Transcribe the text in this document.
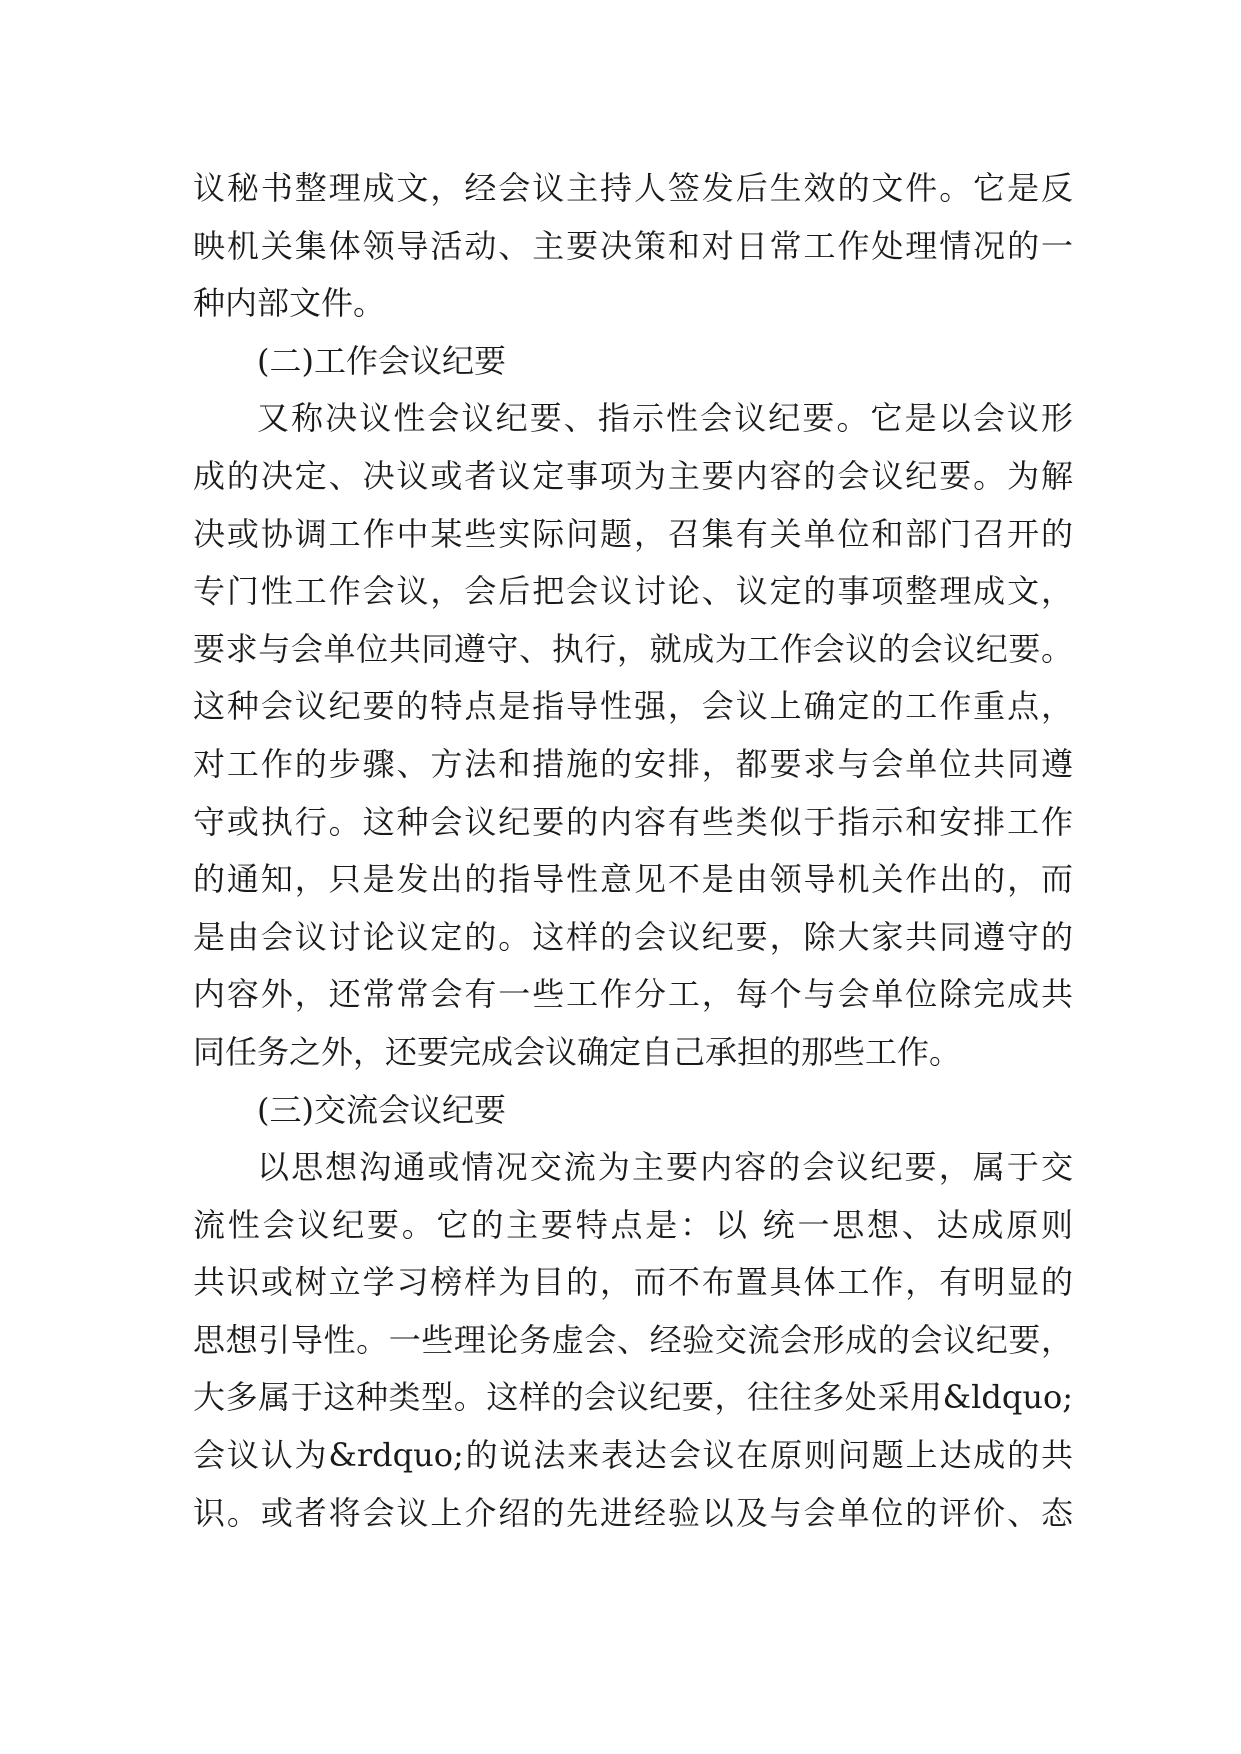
议秘书整理成文，经会议主持人签发后生效的文件。它是反
映机关集体领导活动、主要决策和对日常工作处理情况的一
种内部文件。
(二)工作会议纪要
又称决议性会议纪要、指示性会议纪要。它是以会议形
成的决定、决议或者议定事项为主要内容的会议纪要。为解
决或协调工作中某些实际问题，召集有关单位和部门召开的
专门性工作会议，会后把会议讨论、议定的事项整理成文，
要求与会单位共同遵守、执行，就成为工作会议的会议纪要。
这种会议纪要的特点是指导性强，会议上确定的工作重点，
对工作的步骤、方法和措施的安排，都要求与会单位共同遵
守或执行。这种会议纪要的内容有些类似于指示和安排工作
的通知，只是发出的指导性意见不是由领导机关作出的，而
是由会议讨论议定的。这样的会议纪要，除大家共同遵守的
内容外，还常常会有一些工作分工，每个与会单位除完成共
同任务之外，还要完成会议确定自己承担的那些工作。
(三)交流会议纪要
以思想沟通或情况交流为主要内容的会议纪要，属于交
流性会议纪要。它的主要特点是：以 统一思想、达成原则
共识或树立学习榜样为目的，而不布置具体工作，有明显的
思想引导性。一些理论务虚会、经验交流会形成的会议纪要，
大多属于这种类型。这样的会议纪要，往往多处采用&ldquo;
会议认为&rdquo;的说法来表达会议在原则问题上达成的共
识。或者将会议上介绍的先进经验以及与会单位的评价、态
